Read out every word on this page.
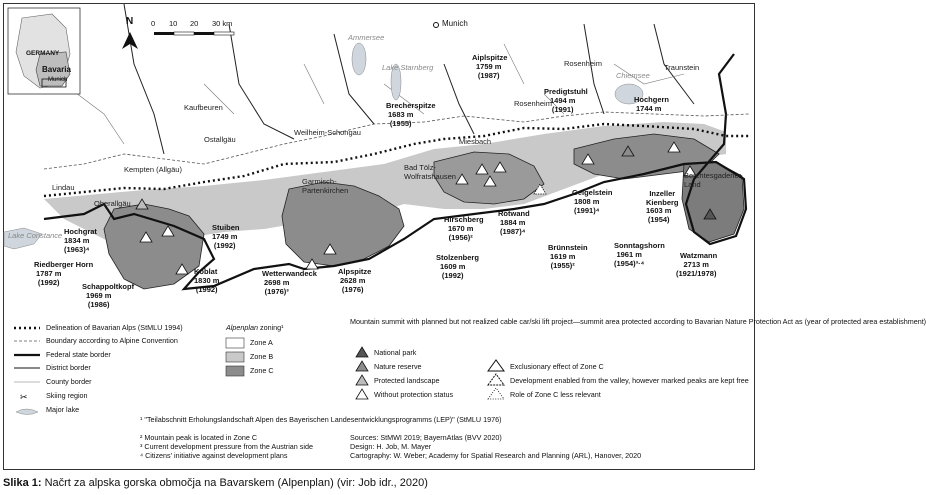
GERMANY
Bavaria
Munich
N 0 10 20 30 km	Munich
Ammersee
Lake Starnberg
Chiemsee
Lake Constance
Rosenheim	Traunstein
Kaufbeuren
Ostallgäu
Weilheim-Schongau
Rosenheim
Miesbach
Kempten (Allgäu)
Lindau
Oberallgäu
Bad Tölz-
Wolfratshausen
Garmisch-
Partenkirchen
Berchtesgadener
Land
Aiplspitze
1759 m
(1987)
Brecherspitze
1683 m
(1955)
Predigtstuhl
1494 m
(1991)
Hochgern
1744 m
Hochgrat
1834 m
(1963)⁴
Riedberger Horn
1787 m
(1992)	Schappoltkopf
1969 m
(1986)
Stuiben
1749 m
(1992)
Koblat
1830 m
(1992)
Wetterwandeck
2698 m
(1976)³
Alpspitze
2628 m
(1976)
Hirschberg
1670 m
(1956)²
Stolzenberg
1609 m
(1992)
Rotwand
1884 m
(1987)⁴
Brünnstein
1619 m
(1955)²
Geigelstein
1808 m
(1991)⁴
Sonntagshorn
1961 m
(1954)³·⁴
Inzeller
Kienberg
1603 m
(1954)
Watzmann
2713 m
(1921/1978)
✂
Delineation of Bavarian Alps (StMLU 1994)
Boundary according to Alpine Convention
Federal state border
District border
County border
Skiing region
Major lake
Alpenplan zoning¹
Zone A
Zone B
Zone C
Mountain summit with planned but not realized cable car/ski lift project—summit area protected according to Bavarian Nature Protection Act as (year of protected area establishment)
National park
Nature reserve
Protected landscape
Without protection status
Exclusionary effect of Zone C
Development enabled from the valley, however marked peaks are kept free
Role of Zone C less relevant
¹ "Teilabschnitt Erholungslandschaft Alpen des Bayerischen Landesentwicklungsprogramms (LEP)" (StMLU 1976)
² Mountain peak is located in Zone C
³ Current development pressure from the Austrian side
⁴ Citizens' initiative against development plans
Sources: StMWI 2019; BayernAtlas (BVV 2020)
Design: H. Job, M. Mayer
Cartography: W. Weber; Academy for Spatial Research and Planning (ARL), Hanover, 2020
Slika 1: Načrt za alpska gorska območja na Bavarskem (Alpenplan) (vir: Job idr., 2020)
